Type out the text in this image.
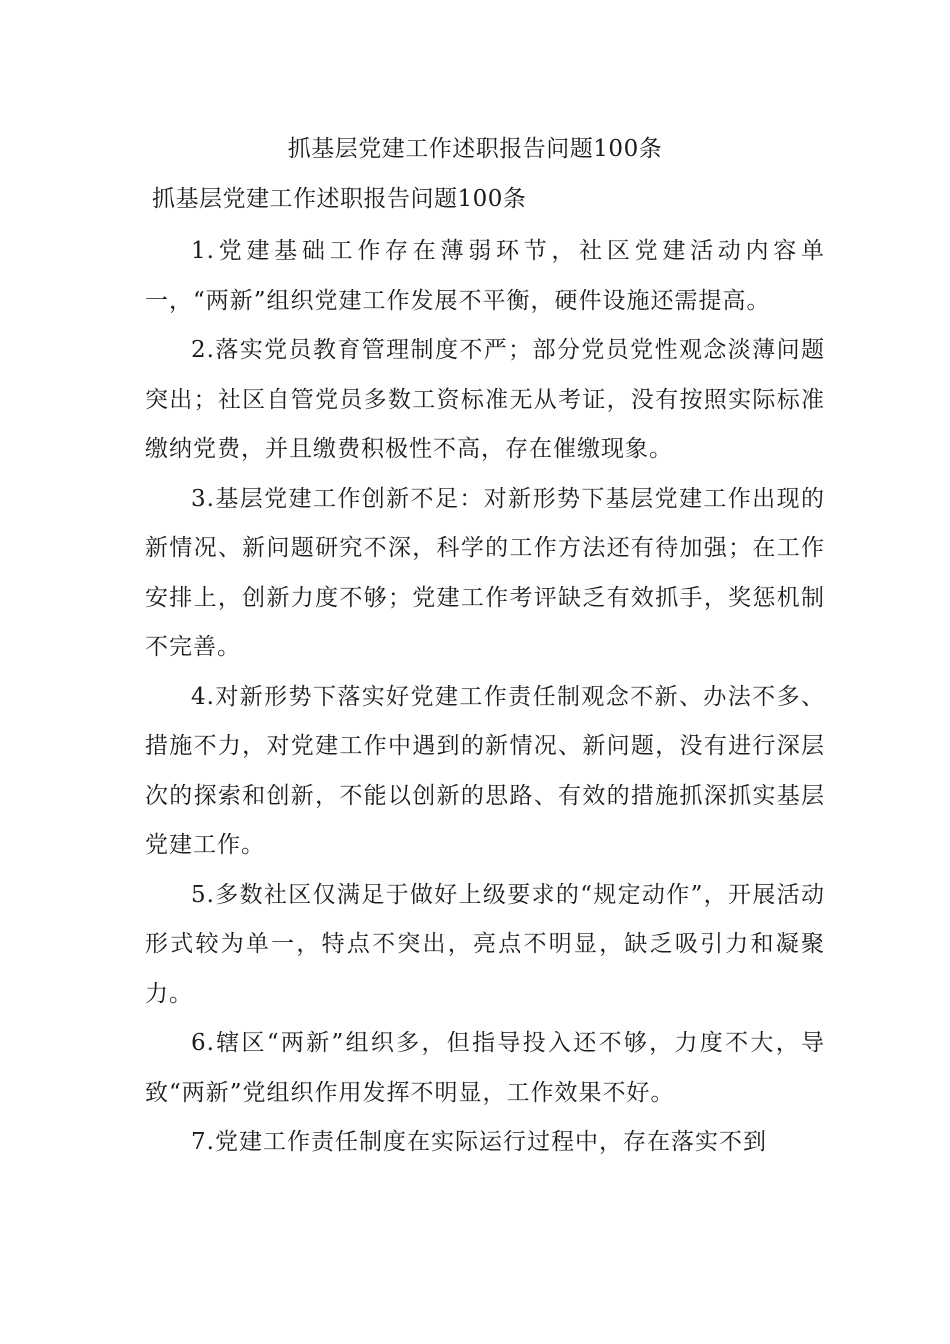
抓基层党建工作述职报告问题100条
抓基层党建工作述职报告问题100条

1.党建基础工作存在薄弱环节，社区党建活动内容单一，“两新”组织党建工作发展不平衡，硬件设施还需提高。

2.落实党员教育管理制度不严；部分党员党性观念淡薄问题突出；社区自管党员多数工资标准无从考证，没有按照实际标准缴纳党费，并且缴费积极性不高，存在催缴现象。

3.基层党建工作创新不足：对新形势下基层党建工作出现的新情况、新问题研究不深，科学的工作方法还有待加强；在工作安排上，创新力度不够；党建工作考评缺乏有效抓手，奖惩机制不完善。

4.对新形势下落实好党建工作责任制观念不新、办法不多、措施不力，对党建工作中遇到的新情况、新问题，没有进行深层次的探索和创新，不能以创新的思路、有效的措施抓深抓实基层党建工作。

5.多数社区仅满足于做好上级要求的“规定动作”，开展活动形式较为单一，特点不突出，亮点不明显，缺乏吸引力和凝聚力。

6.辖区“两新”组织多，但指导投入还不够，力度不大，导致“两新”党组织作用发挥不明显，工作效果不好。

7.党建工作责任制度在实际运行过程中，存在落实不到
